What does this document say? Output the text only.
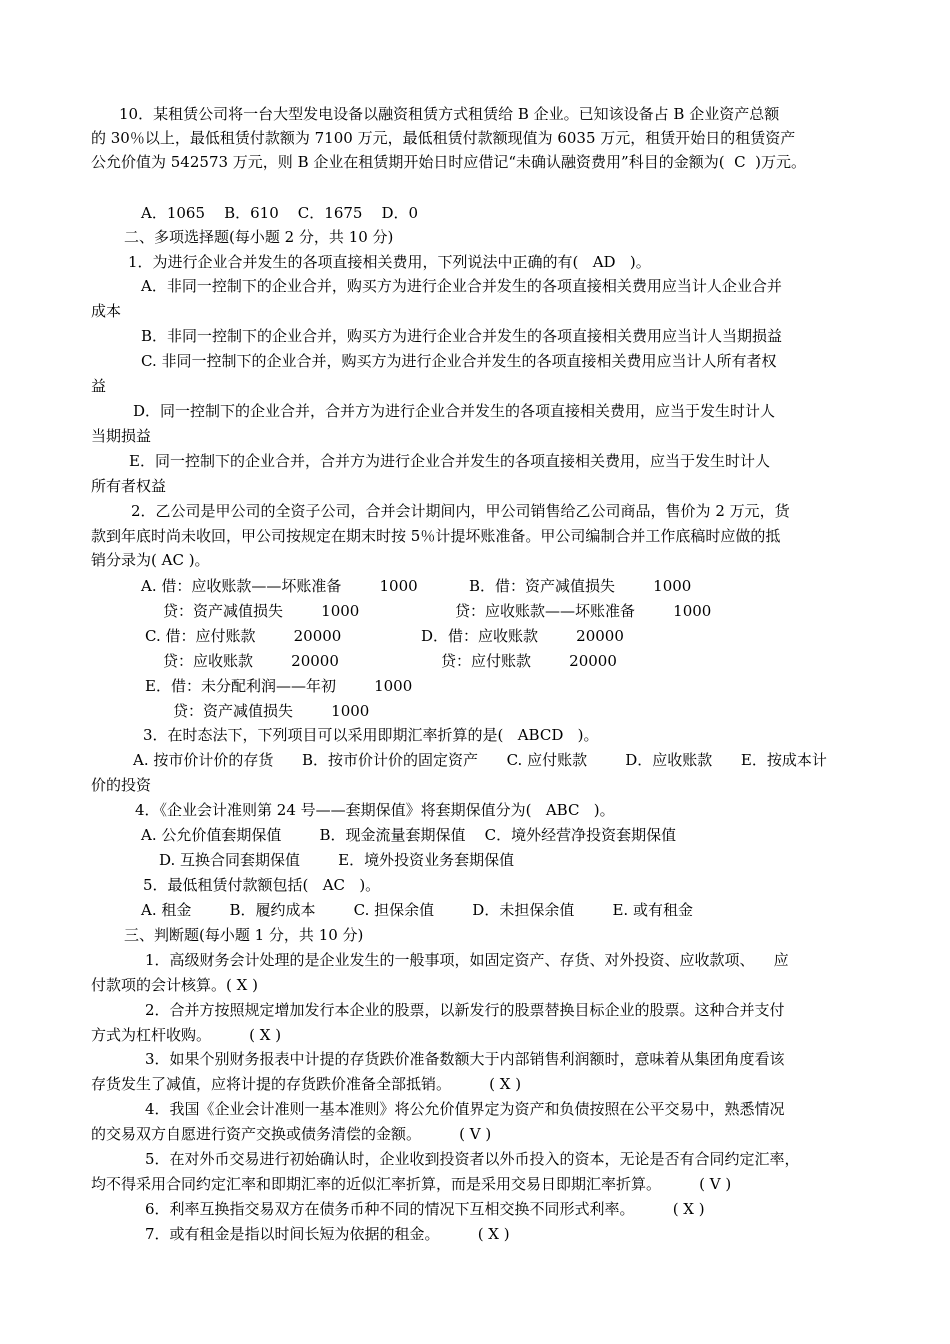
10．某租赁公司将一台大型发电设备以融资租赁方式租赁给 B 企业。已知该设备占 B 企业资产总额
的 30％以上，最低租赁付款额为 7100 万元，最低租赁付款额现值为 6035 万元，租赁开始日的租赁资产
公允价值为 542573 万元，则 B 企业在租赁期开始日时应借记“未确认融资费用”科目的金额为(  C  )万元。
A．1065    B．610    C．1675    D．0
二、多项选择题(每小题 2 分，共 10 分)
1．为进行企业合并发生的各项直接相关费用，下列说法中正确的有(   AD   )。
A．非同一控制下的企业合并，购买方为进行企业合并发生的各项直接相关费用应当计人企业合并
成本
B．非同一控制下的企业合并，购买方为进行企业合并发生的各项直接相关费用应当计人当期损益
C. 非同一控制下的企业合并，购买方为进行企业合并发生的各项直接相关费用应当计人所有者权
益
D．同一控制下的企业合并，合并方为进行企业合并发生的各项直接相关费用，应当于发生时计人
当期损益
E．同一控制下的企业合并，合并方为进行企业合并发生的各项直接相关费用，应当于发生时计人
所有者权益
2．乙公司是甲公司的全资子公司，合并会计期间内，甲公司销售给乙公司商品，售价为 2 万元，货
款到年底时尚未收回，甲公司按规定在期末时按 5％计提坏账准备。甲公司编制合并工作底稿时应做的抵
销分录为( AC )。
A. 借：应收账款——坏账准备        1000	B．借：资产减值损失        1000
贷：资产减值损失        1000	贷：应收账款——坏账准备        1000
C. 借：应付账款        20000	D．借：应收账款        20000
贷：应收账款        20000	贷：应付账款        20000
E．借：未分配利润——年初        1000
贷：资产减值损失        1000
3．在时态法下，下列项目可以采用即期汇率折算的是(   ABCD   )。
A. 按市价计价的存货      B．按市价计价的固定资产      C. 应付账款        D．应收账款      E．按成本计
价的投资
4．《企业会计准则第 24 号——套期保值》将套期保值分为(   ABC   )。
A. 公允价值套期保值        B．现金流量套期保值    C．境外经营净投资套期保值
D. 互换合同套期保值        E．境外投资业务套期保值
5．最低租赁付款额包括(   AC   )。
A. 租金        B．履约成本        C. 担保余值        D．未担保余值        E. 或有租金
三、判断题(每小题 1 分，共 10 分)
1．高级财务会计处理的是企业发生的一般事项，如固定资产、存货、对外投资、应收款项、    应
付款项的会计核算。( X )
2．合并方按照规定增加发行本企业的股票，以新发行的股票替换目标企业的股票。这种合并支付
方式为杠杆收购。        ( X )
3．如果个别财务报表中计提的存货跌价准备数额大于内部销售利润额时，意味着从集团角度看该
存货发生了减值，应将计提的存货跌价准备全部抵销。        ( X )
4．我国《企业会计准则一基本准则》将公允价值界定为资产和负债按照在公平交易中，熟悉情况
的交易双方自愿进行资产交换或债务清偿的金额。        ( V )
5．在对外币交易进行初始确认时，企业收到投资者以外币投入的资本，无论是否有合同约定汇率，
均不得采用合同约定汇率和即期汇率的近似汇率折算，而是采用交易日即期汇率折算。        ( V )
6．利率互换指交易双方在债务币种不同的情况下互相交换不同形式利率。        ( X )
7．或有租金是指以时间长短为依据的租金。        ( X )
